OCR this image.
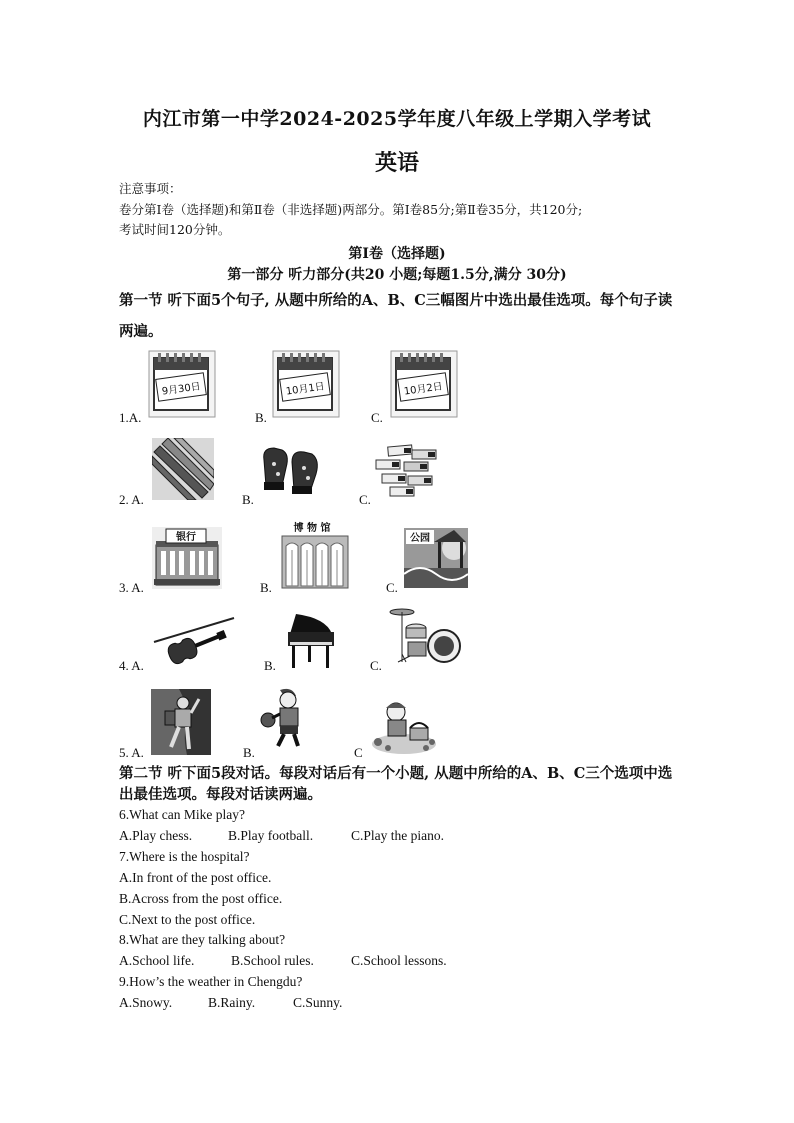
内江市第一中学2024-2025学年度八年级上学期入学考试
英语
注意事项：
卷分第Ⅰ卷（选择题)和第Ⅱ卷（非选择题)两部分。第Ⅰ卷85分;第Ⅱ卷35分，共120分;
考试时间120分钟。
第Ⅰ卷（选择题)
第一部分 听力部分(共20 小题;每题1.5分,满分 30分)
第一节 听下面5个句子, 从题中所给的A、B、C三幅图片中选出最佳选项。每个句子读两遍。
1.A.	B.	C.
9月30日	10月1日	10月2日
2. A.	B.	C.
3. A.	B.	C.
银行
博 物 馆
公园
4. A.	B.	C.
5. A.	B.	C
第二节 听下面5段对话。每段对话后有一个小题, 从题中所给的A、B、C三个选项中选出最佳选项。每段对话读两遍。
6.What can Mike play?
A.Play chess.	B.Play football.	C.Play the piano.
7.Where is the hospital?
A.In front of the post office.
B.Across from the post office.
C.Next to the post office.
8.What are they talking about?
A.School life.	B.School rules.	C.School lessons.
9.How’s the weather in Chengdu?
A.Snowy.	B.Rainy.	C.Sunny.
